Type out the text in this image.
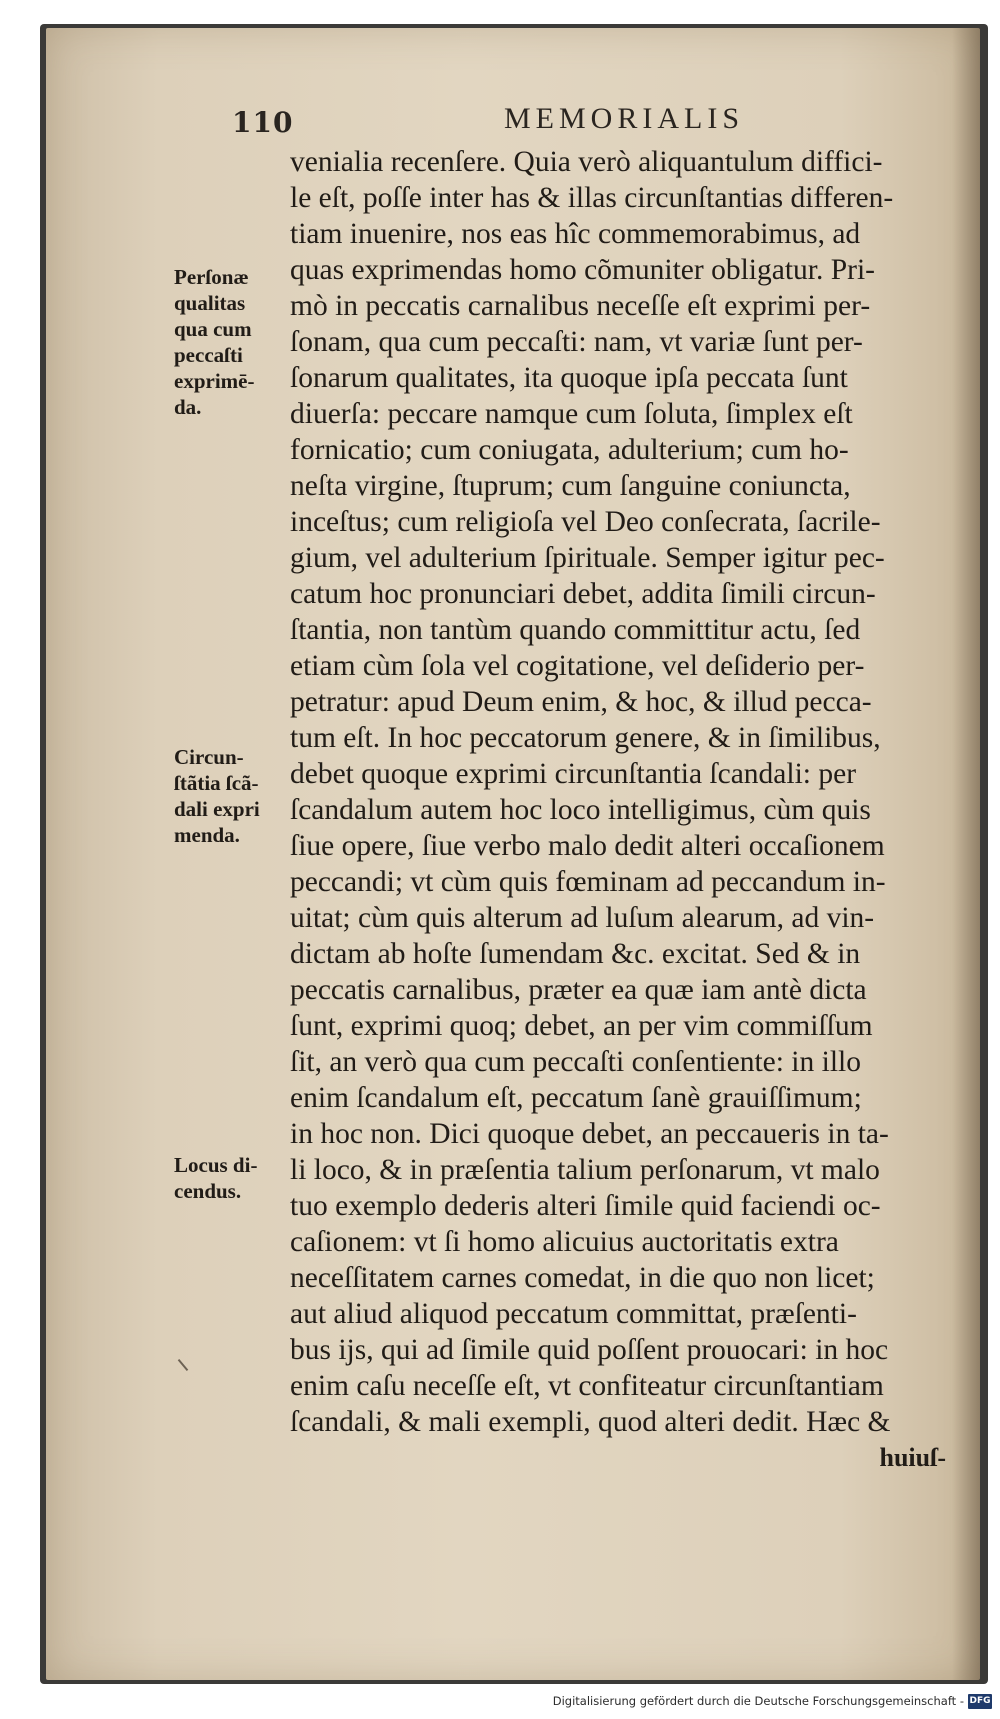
110	MEMORIALIS
Perſonæ
qualitas
qua cum
peccaſti
exprimē-
da.
Circun-
ſtãtia ſcã-
dali expri
menda.
Locus di-
cendus.
venialia recenſere. Quia verò aliquantulum diffici-
le eſt, poſſe inter has & illas circunſtantias differen-
tiam inuenire, nos eas hîc commemorabimus, ad
quas exprimendas homo cõmuniter obligatur. Pri-
mò in peccatis carnalibus neceſſe eſt exprimi per-
ſonam, qua cum peccaſti: nam, vt variæ ſunt per-
ſonarum qualitates, ita quoque ipſa peccata ſunt
diuerſa: peccare namque cum ſoluta, ſimplex eſt
fornicatio; cum coniugata, adulterium; cum ho-
neſta virgine, ſtuprum; cum ſanguine coniuncta,
inceſtus; cum religioſa vel Deo conſecrata, ſacrile-
gium, vel adulterium ſpirituale. Semper igitur pec-
catum hoc pronunciari debet, addita ſimili circun-
ſtantia, non tantùm quando committitur actu, ſed
etiam cùm ſola vel cogitatione, vel deſiderio per-
petratur: apud Deum enim, & hoc, & illud pecca-
tum eſt. In hoc peccatorum genere, & in ſimilibus,
debet quoque exprimi circunſtantia ſcandali: per
ſcandalum autem hoc loco intelligimus, cùm quis
ſiue opere, ſiue verbo malo dedit alteri occaſionem
peccandi; vt cùm quis fœminam ad peccandum in-
uitat; cùm quis alterum ad luſum alearum, ad vin-
dictam ab hoſte ſumendam &c. excitat. Sed & in
peccatis carnalibus, præter ea quæ iam antè dicta
ſunt, exprimi quoq; debet, an per vim commiſſum
ſit, an verò qua cum peccaſti conſentiente: in illo
enim ſcandalum eſt, peccatum ſanè grauiſſimum;
in hoc non. Dici quoque debet, an peccaueris in ta-
li loco, & in præſentia talium perſonarum, vt malo
tuo exemplo dederis alteri ſimile quid faciendi oc-
caſionem: vt ſi homo alicuius auctoritatis extra
neceſſitatem carnes comedat, in die quo non licet;
aut aliud aliquod peccatum committat, præſenti-
bus ijs, qui ad ſimile quid poſſent prouocari: in hoc
enim caſu neceſſe eſt, vt confiteatur circunſtantiam
ſcandali, & mali exempli, quod alteri dedit. Hæc &
huiuſ-
Digitalisierung gefördert durch die Deutsche Forschungsgemeinschaft - DFG
